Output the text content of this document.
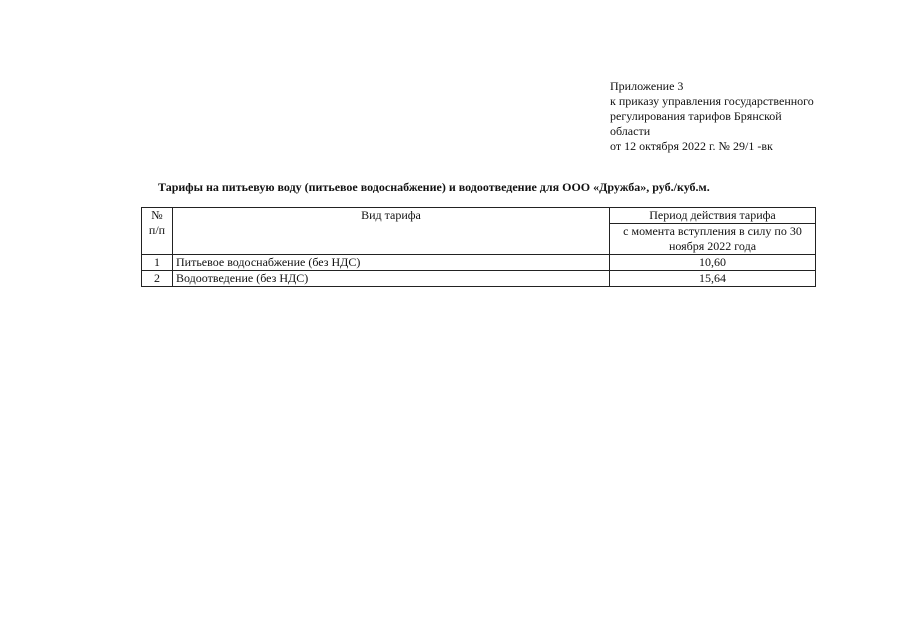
Приложение 3
к приказу управления государственного
регулирования тарифов Брянской
области
от 12 октября 2022 г. № 29/1 -вк
Тарифы на питьевую воду (питьевое водоснабжение) и водоотведение для ООО «Дружба», руб./куб.м.
№ п/п	Вид тарифа	Период действия тарифа
с момента вступления в силу по 30 ноября 2022 года

1	Питьевое водоснабжение (без НДС)	10,60
2	Водоотведение (без НДС)	15,64
